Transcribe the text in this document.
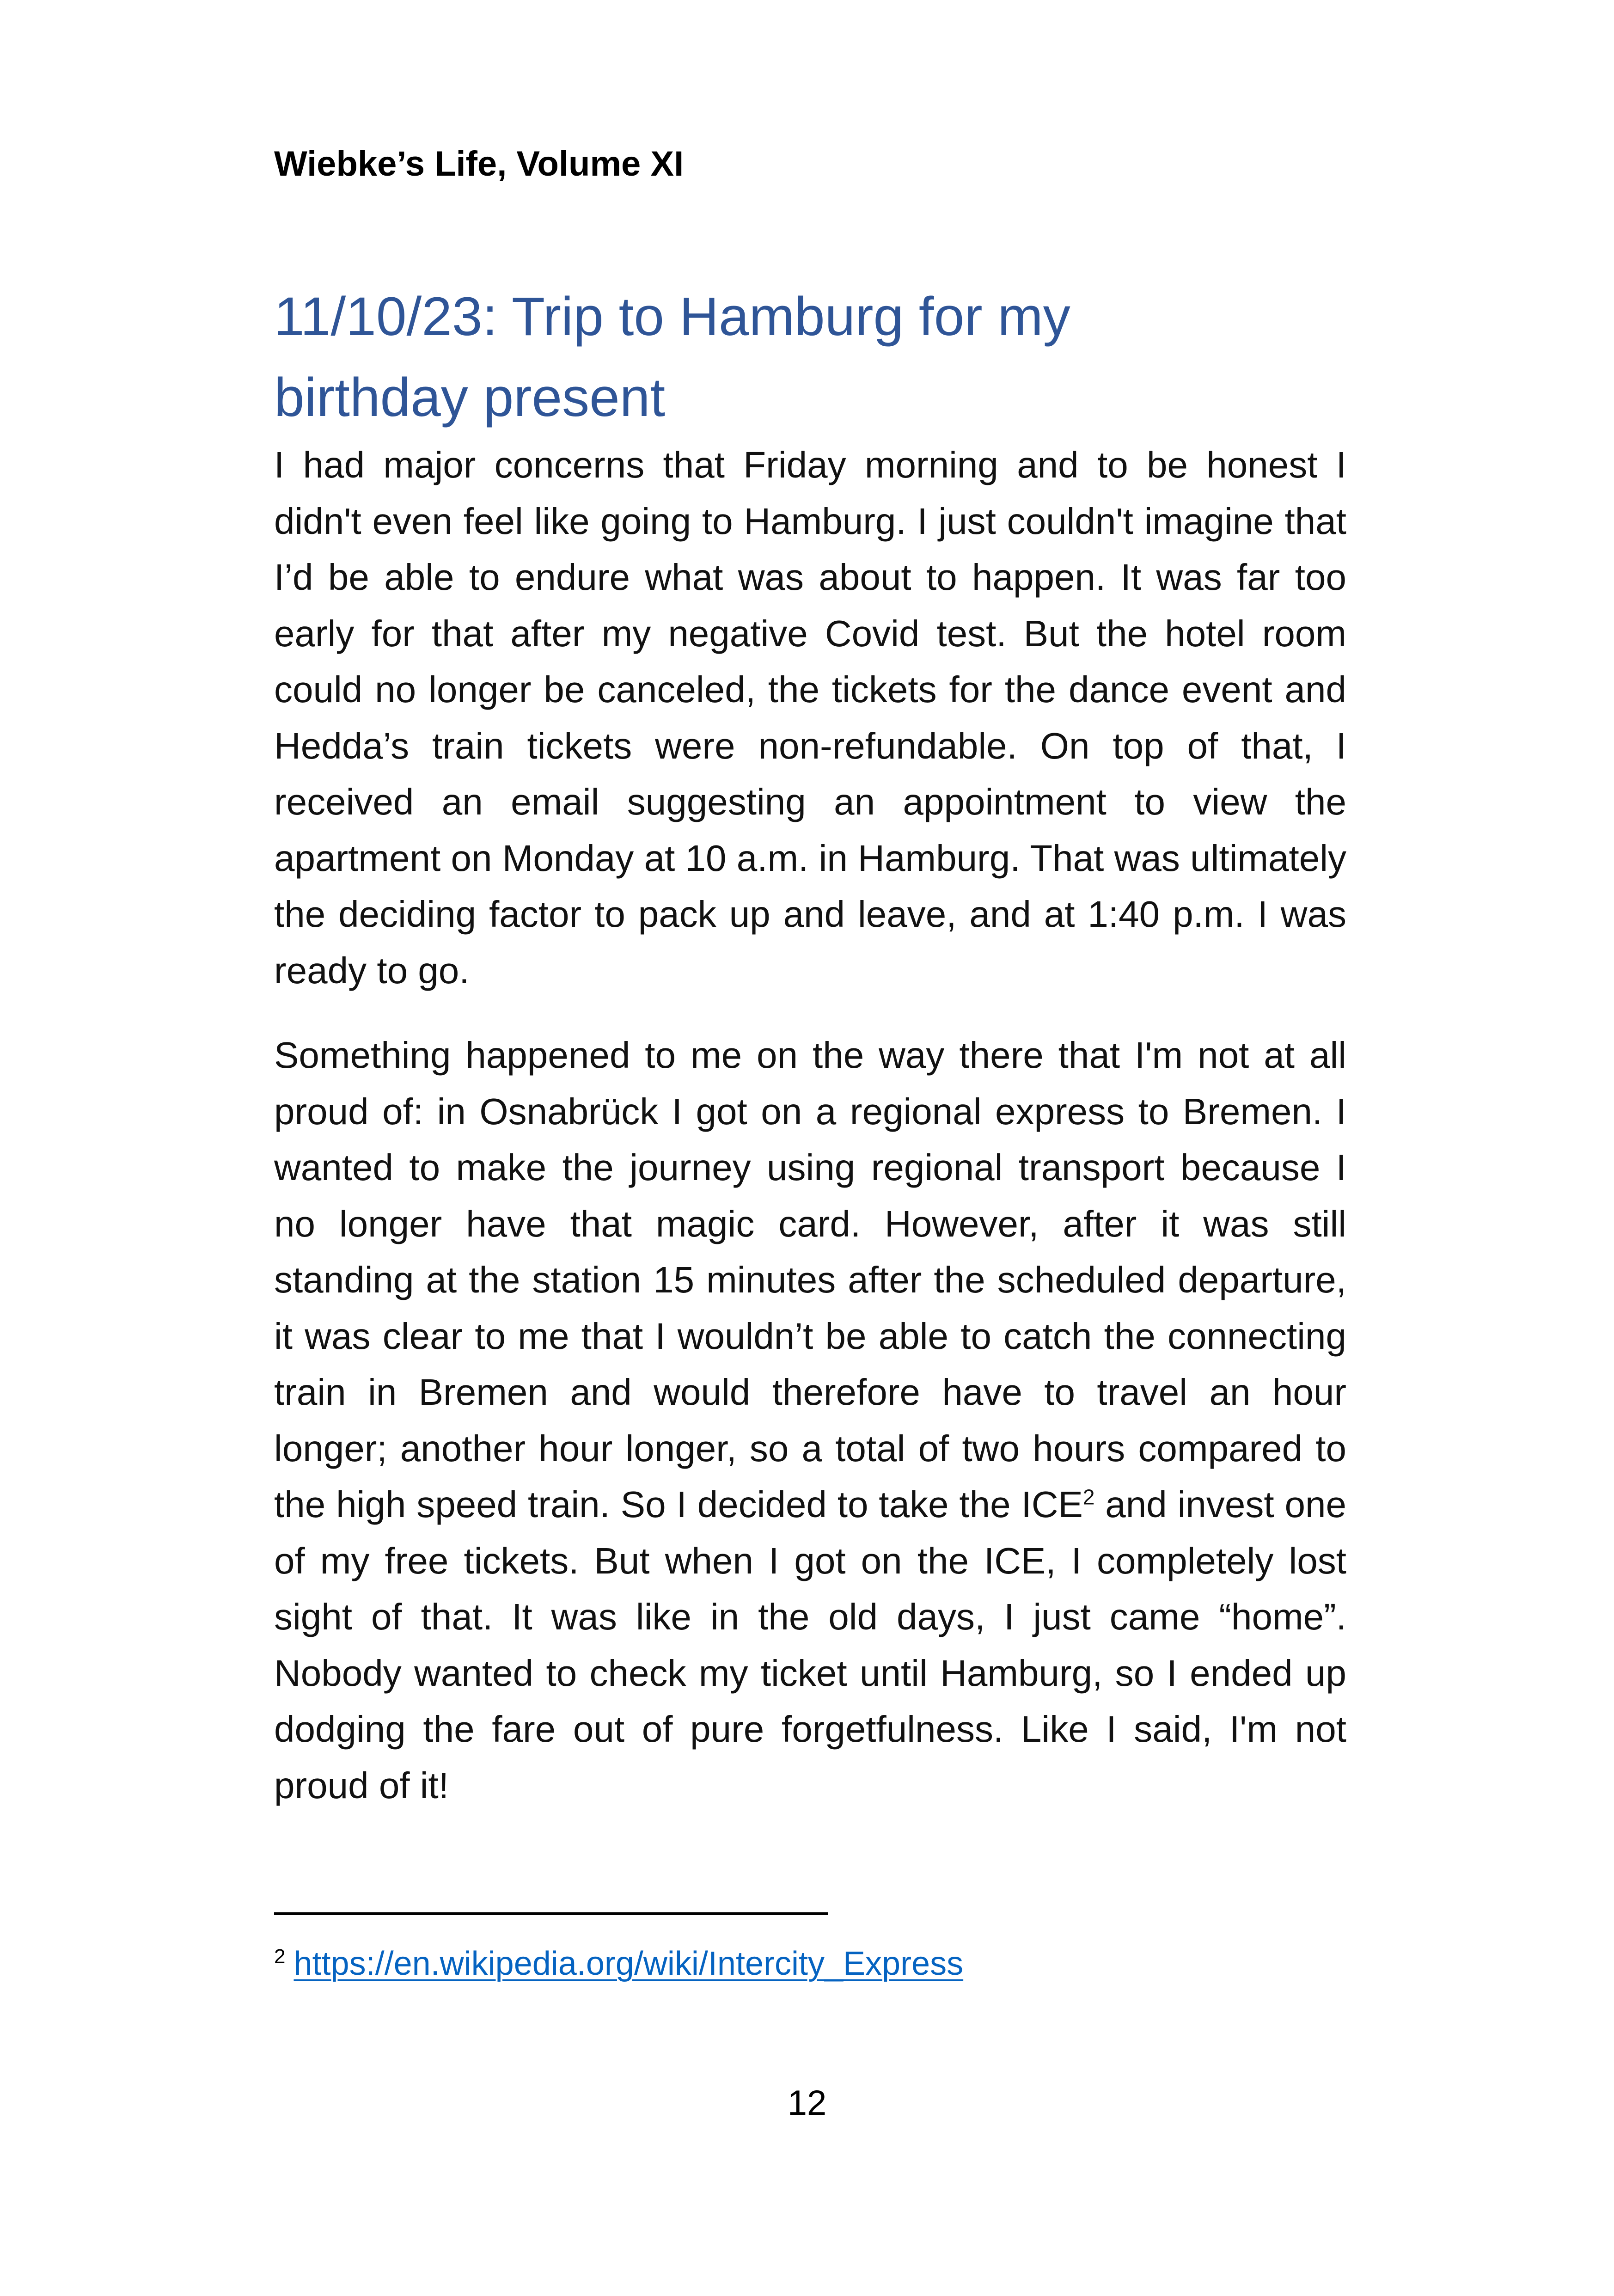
Wiebke’s Life, Volume XI
11/10/23: Trip to Hamburg for my
birthday present

I had major concerns that Friday morning and to be honest I didn't even feel like going to Hamburg. I just couldn't imagine that I’d be able to endure what was about to happen. It was far too early for that after my negative Covid test. But the hotel room could no longer be canceled, the tickets for the dance event and Hedda’s train tickets were non-refundable. On top of that, I received an email suggesting an appointment to view the apartment on Monday at 10 a.m. in Hamburg. That was ultimately the deciding factor to pack up and leave, and at 1:40 p.m. I was ready to go.

Something happened to me on the way there that I'm not at all proud of: in Osnabrück I got on a regional express to Bremen. I wanted to make the journey using regional transport because I no longer have that magic card. However, after it was still standing at the station 15 minutes after the scheduled departure, it was clear to me that I wouldn’t be able to catch the connecting train in Bremen and would therefore have to travel an hour longer; another hour longer, so a total of two hours compared to the high speed train. So I decided to take the ICE$^2$ and invest one of my free tickets. But when I got on the ICE, I completely lost sight of that. It was like in the old days, I just came “home”. Nobody wanted to check my ticket until Hamburg, so I ended up dodging the fare out of pure forgetfulness. Like I said, I'm not proud of it!

$^2$ https://en.wikipedia.org/wiki/Intercity_Express
12
